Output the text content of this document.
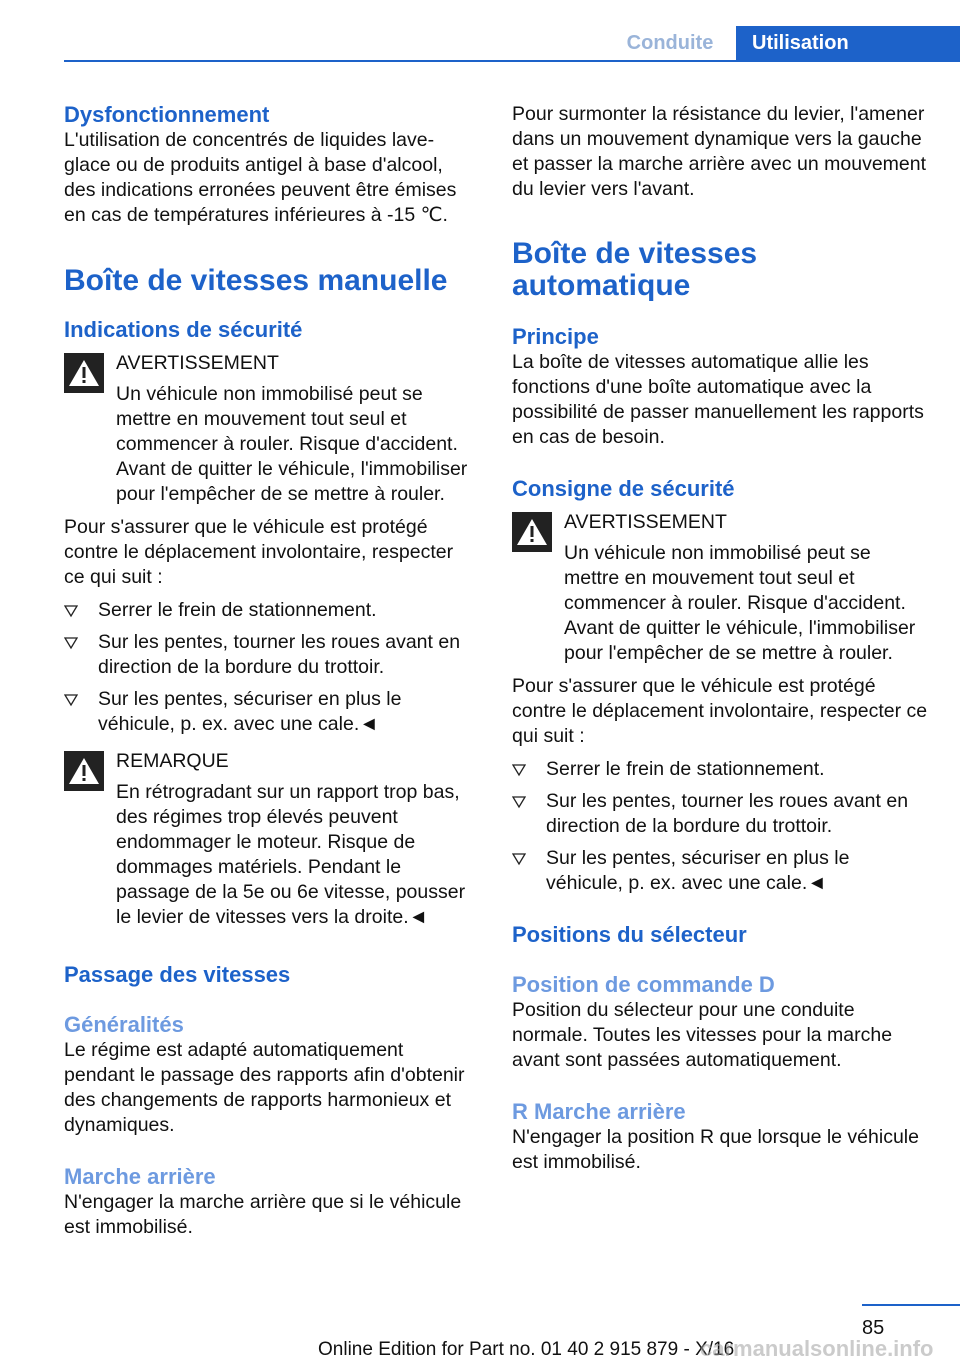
Conduite	Utilisation
Dysfonctionnement

L'utilisation de concentrés de liquides lave-glace ou de produits antigel à base d'alcool, des indications erronées peuvent être émises en cas de températures inférieures à -15 ℃.

Boîte de vitesses manuelle
Indications de sécurité

AVERTISSEMENT

Un véhicule non immobilisé peut se mettre en mouvement tout seul et commencer à rouler. Risque d'accident. Avant de quitter le véhicule, l'immobiliser pour l'empêcher de se mettre à rouler.

Pour s'assurer que le véhicule est protégé contre le déplacement involontaire, respecter ce qui suit :

Serrer le frein de stationnement.
Sur les pentes, tourner les roues avant en direction de la bordure du trottoir.
Sur les pentes, sécuriser en plus le véhicule, p. ex. avec une cale.◄

REMARQUE

En rétrogradant sur un rapport trop bas, des régimes trop élevés peuvent endommager le moteur. Risque de dommages matériels. Pendant le passage de la 5e ou 6e vitesse, pousser le levier de vitesses vers la droite.◄

Passage des vitesses
Généralités

Le régime est adapté automatiquement pendant le passage des rapports afin d'obtenir des changements de rapports harmonieux et dynamiques.

Marche arrière

N'engager la marche arrière que si le véhicule est immobilisé.

Pour surmonter la résistance du levier, l'amener dans un mouvement dynamique vers la gauche et passer la marche arrière avec un mouvement du levier vers l'avant.

Boîte de vitesses
automatique
Principe

La boîte de vitesses automatique allie les fonctions d'une boîte automatique avec la possibilité de passer manuellement les rapports en cas de besoin.

Consigne de sécurité

AVERTISSEMENT

Un véhicule non immobilisé peut se mettre en mouvement tout seul et commencer à rouler. Risque d'accident. Avant de quitter le véhicule, l'immobiliser pour l'empêcher de se mettre à rouler.

Pour s'assurer que le véhicule est protégé contre le déplacement involontaire, respecter ce qui suit :

Serrer le frein de stationnement.
Sur les pentes, tourner les roues avant en direction de la bordure du trottoir.
Sur les pentes, sécuriser en plus le véhicule, p. ex. avec une cale.◄
Positions du sélecteur
Position de commande D

Position du sélecteur pour une conduite normale. Toutes les vitesses pour la marche avant sont passées automatiquement.

R Marche arrière

N'engager la position R que lorsque le véhicule est immobilisé.

85
Online Edition for Part no. 01 40 2 915 879 - X/16
carmanualsonline.info
